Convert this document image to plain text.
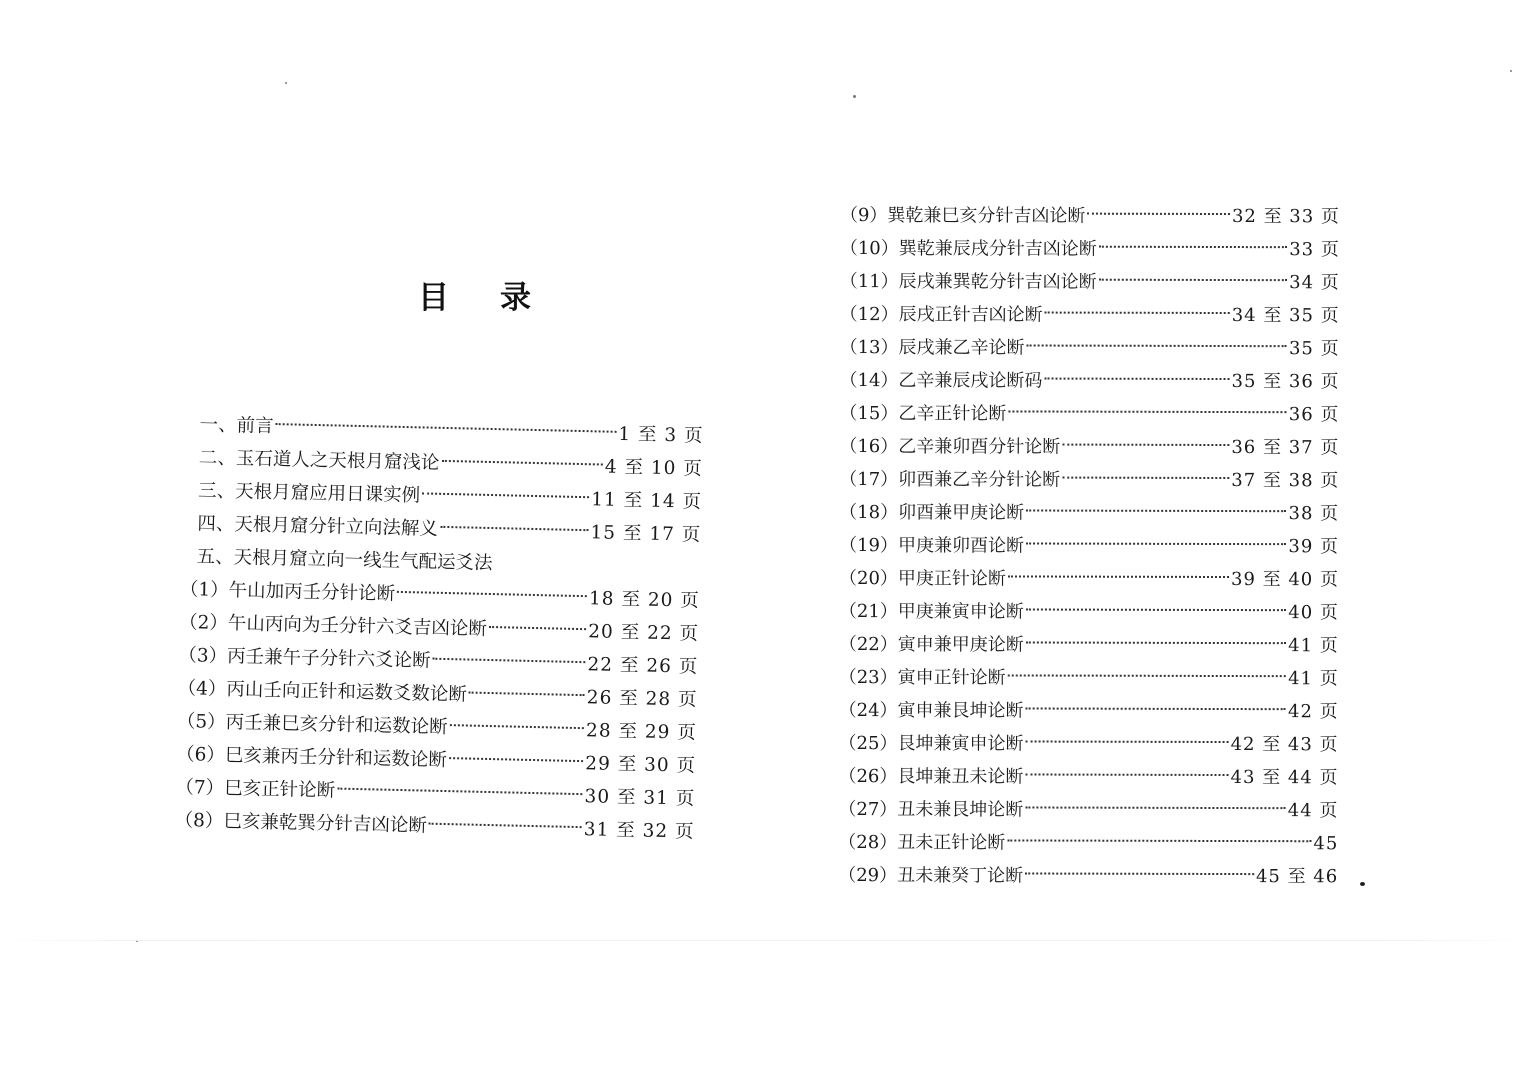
目　录
一、前言	1 至 3 页
二、玉石道人之天根月窟浅论	4 至 10 页
三、天根月窟应用日课实例	11 至 14 页
四、天根月窟分针立向法解义	15 至 17 页
五、天根月窟立向一线生气配运爻法
（1）午山加丙壬分针论断	18 至 20 页
（2）午山丙向为壬分针六爻吉凶论断	20 至 22 页
（3）丙壬兼午子分针六爻论断	22 至 26 页
（4）丙山壬向正针和运数爻数论断	26 至 28 页
（5）丙壬兼巳亥分针和运数论断	28 至 29 页
（6）巳亥兼丙壬分针和运数论断	29 至 30 页
（7）巳亥正针论断	30 至 31 页
（8）巳亥兼乾巽分针吉凶论断	31 至 32 页
（9）巽乾兼巳亥分针吉凶论断	32 至 33 页
（10）巽乾兼辰戌分针吉凶论断	33 页
（11）辰戌兼巽乾分针吉凶论断	34 页
（12）辰戌正针吉凶论断	34 至 35 页
（13）辰戌兼乙辛论断	35 页
（14）乙辛兼辰戌论断码	35 至 36 页
（15）乙辛正针论断	36 页
（16）乙辛兼卯酉分针论断	36 至 37 页
（17）卯酉兼乙辛分针论断	37 至 38 页
（18）卯酉兼甲庚论断	38 页
（19）甲庚兼卯酉论断	39 页
（20）甲庚正针论断	39 至 40 页
（21）甲庚兼寅申论断	40 页
（22）寅申兼甲庚论断	41 页
（23）寅申正针论断	41 页
（24）寅申兼艮坤论断	42 页
（25）艮坤兼寅申论断	42 至 43 页
（26）艮坤兼丑未论断	43 至 44 页
（27）丑未兼艮坤论断	44 页
（28）丑未正针论断	45
（29）丑未兼癸丁论断	45 至 46
